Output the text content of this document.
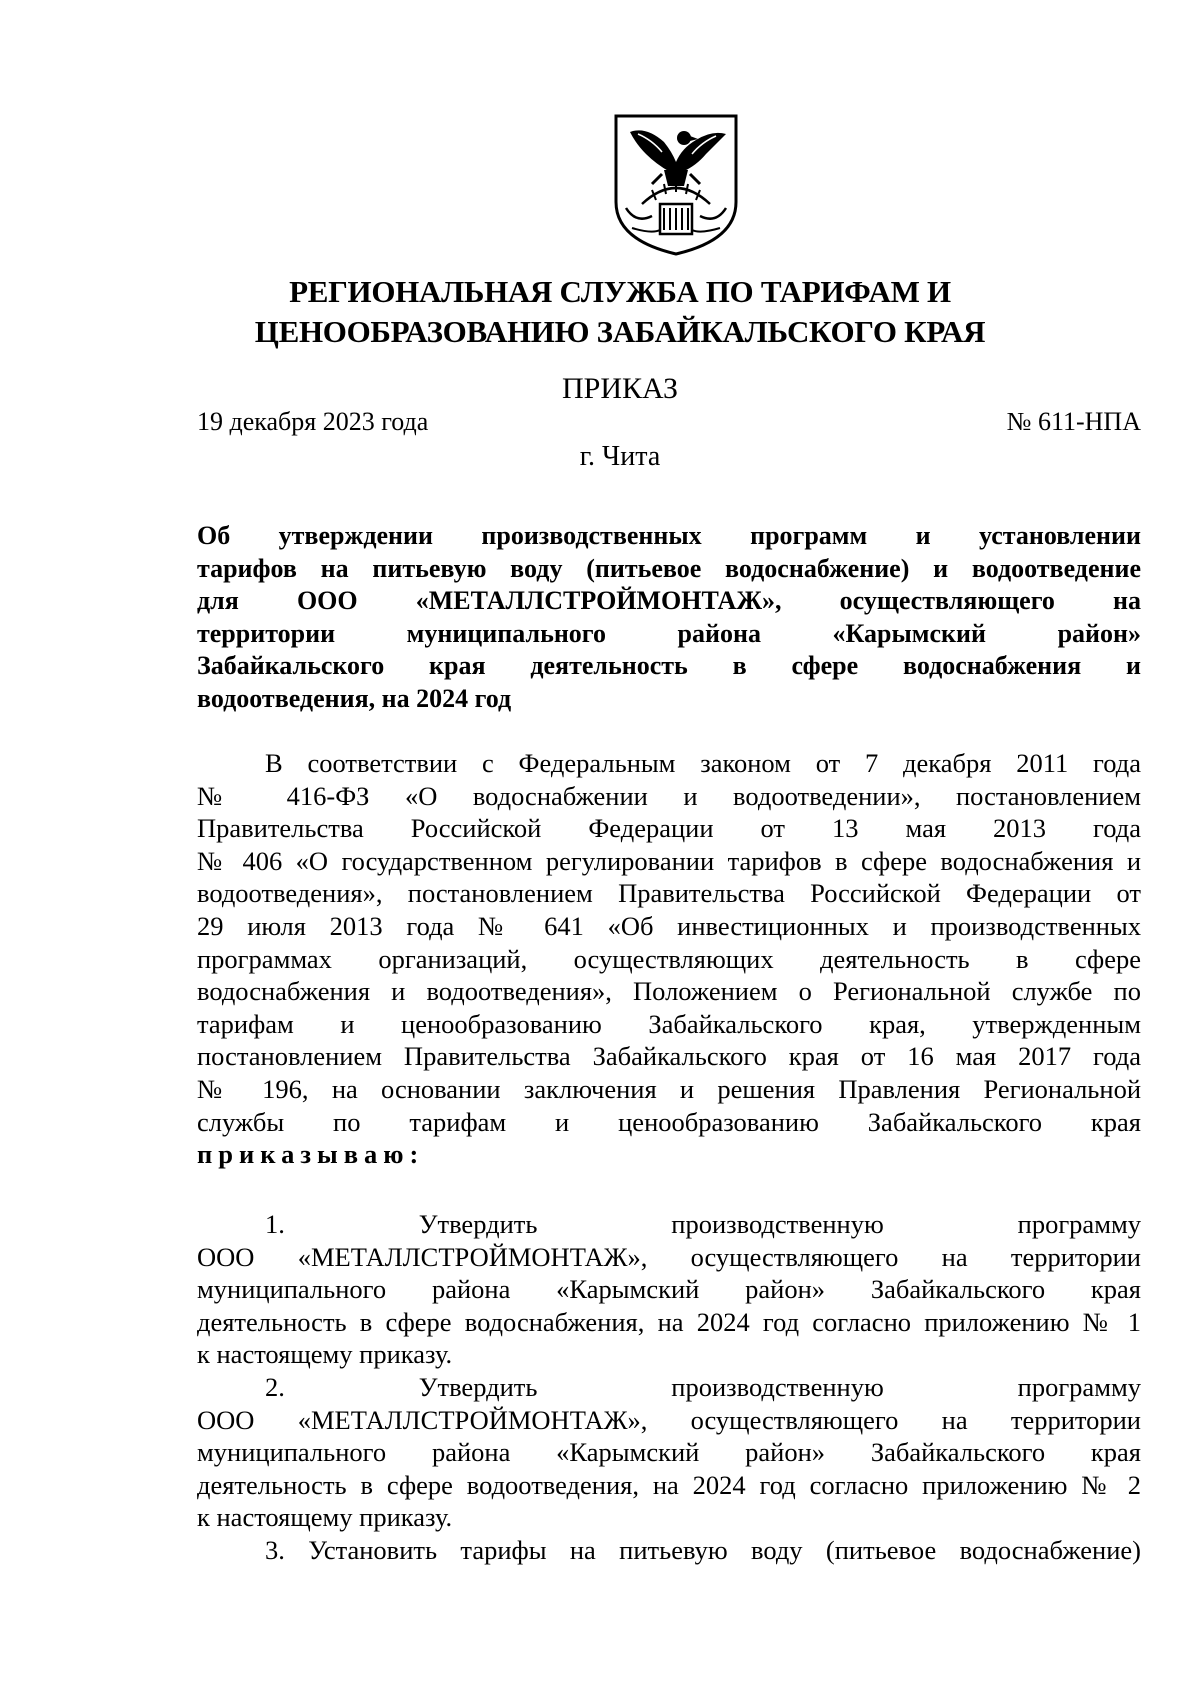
РЕГИОНАЛЬНАЯ СЛУЖБА ПО ТАРИФАМ И
ЦЕНООБРАЗОВАНИЮ ЗАБАЙКАЛЬСКОГО КРАЯ
ПРИКАЗ
19 декабря 2023 года	№ 611-НПА
г. Чита
Об утверждении производственных программ и установлении
тарифов на питьевую воду (питьевое водоснабжение) и водоотведение
для ООО «МЕТАЛЛСТРОЙМОНТАЖ», осуществляющего на
территории муниципального района «Карымский район»
Забайкальского края деятельность в сфере водоснабжения и
водоотведения, на 2024 год
В соответствии с Федеральным законом от 7 декабря 2011 года
№ 416-ФЗ «О водоснабжении и водоотведении», постановлением
Правительства Российской Федерации от 13 мая 2013 года
№ 406 «О государственном регулировании тарифов в сфере водоснабжения и
водоотведения», постановлением Правительства Российской Федерации от
29 июля 2013 года № 641 «Об инвестиционных и производственных
программах организаций, осуществляющих деятельность в сфере
водоснабжения и водоотведения», Положением о Региональной службе по
тарифам и ценообразованию Забайкальского края, утвержденным
постановлением Правительства Забайкальского края от 16 мая 2017 года
№ 196, на основании заключения и решения Правления Региональной
службы по тарифам и ценообразованию Забайкальского края
приказываю:
1. Утвердить производственную программу
ООО «МЕТАЛЛСТРОЙМОНТАЖ», осуществляющего на территории
муниципального района «Карымский район» Забайкальского края
деятельность в сфере водоснабжения, на 2024 год согласно приложению № 1
к настоящему приказу.
2. Утвердить производственную программу
ООО «МЕТАЛЛСТРОЙМОНТАЖ», осуществляющего на территории
муниципального района «Карымский район» Забайкальского края
деятельность в сфере водоотведения, на 2024 год согласно приложению № 2
к настоящему приказу.
3. Установить тарифы на питьевую воду (питьевое водоснабжение)
